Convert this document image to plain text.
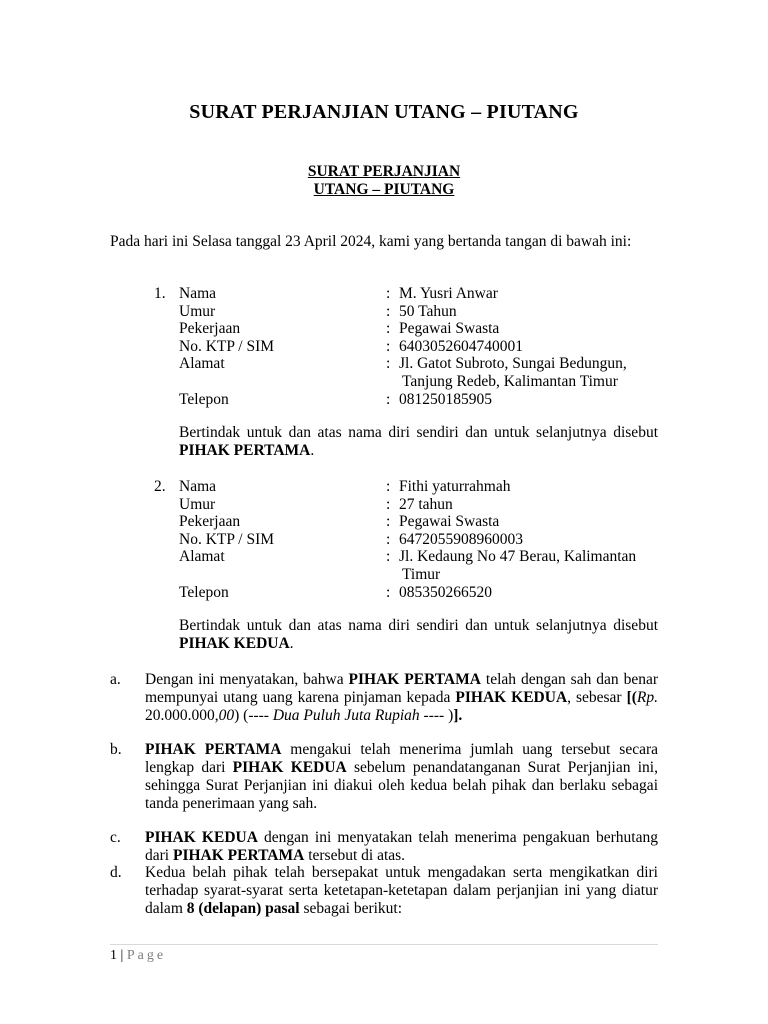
SURAT PERJANJIAN UTANG – PIUTANG
SURAT PERJANJIAN
UTANG – PIUTANG
Pada hari ini Selasa tanggal 23 April 2024, kami yang bertanda tangan di bawah ini:
1. Nama	: M. Yusri Anwar
Umur	: 50 Tahun
Pekerjaan	: Pegawai Swasta
No. KTP / SIM	: 6403052604740001
Alamat	: Jl. Gatot Subroto, Sungai Bedungun,
Tanjung Redeb, Kalimantan Timur
Telepon	: 081250185905
Bertindak untuk dan atas nama diri sendiri dan untuk selanjutnya disebut PIHAK PERTAMA.
2. Nama	: Fithi yaturrahmah
Umur	: 27 tahun
Pekerjaan	: Pegawai Swasta
No. KTP / SIM	: 6472055908960003
Alamat	: Jl. Kedaung No 47 Berau, Kalimantan
Timur
Telepon	: 085350266520
Bertindak untuk dan atas nama diri sendiri dan untuk selanjutnya disebut PIHAK KEDUA.
a. Dengan ini menyatakan, bahwa PIHAK PERTAMA telah dengan sah dan benar mempunyai utang uang karena pinjaman kepada PIHAK KEDUA, sebesar [(Rp. 20.000.000,00) (---- Dua Puluh Juta Rupiah ---- )].
b. PIHAK PERTAMA mengakui telah menerima jumlah uang tersebut secara lengkap dari PIHAK KEDUA sebelum penandatanganan Surat Perjanjian ini, sehingga Surat Perjanjian ini diakui oleh kedua belah pihak dan berlaku sebagai tanda penerimaan yang sah.
c. PIHAK KEDUA dengan ini menyatakan telah menerima pengakuan berhutang dari PIHAK PERTAMA tersebut di atas.
d. Kedua belah pihak telah bersepakat untuk mengadakan serta mengikatkan diri terhadap syarat-syarat serta ketetapan-ketetapan dalam perjanjian ini yang diatur dalam 8 (delapan) pasal sebagai berikut:
1 | Page
